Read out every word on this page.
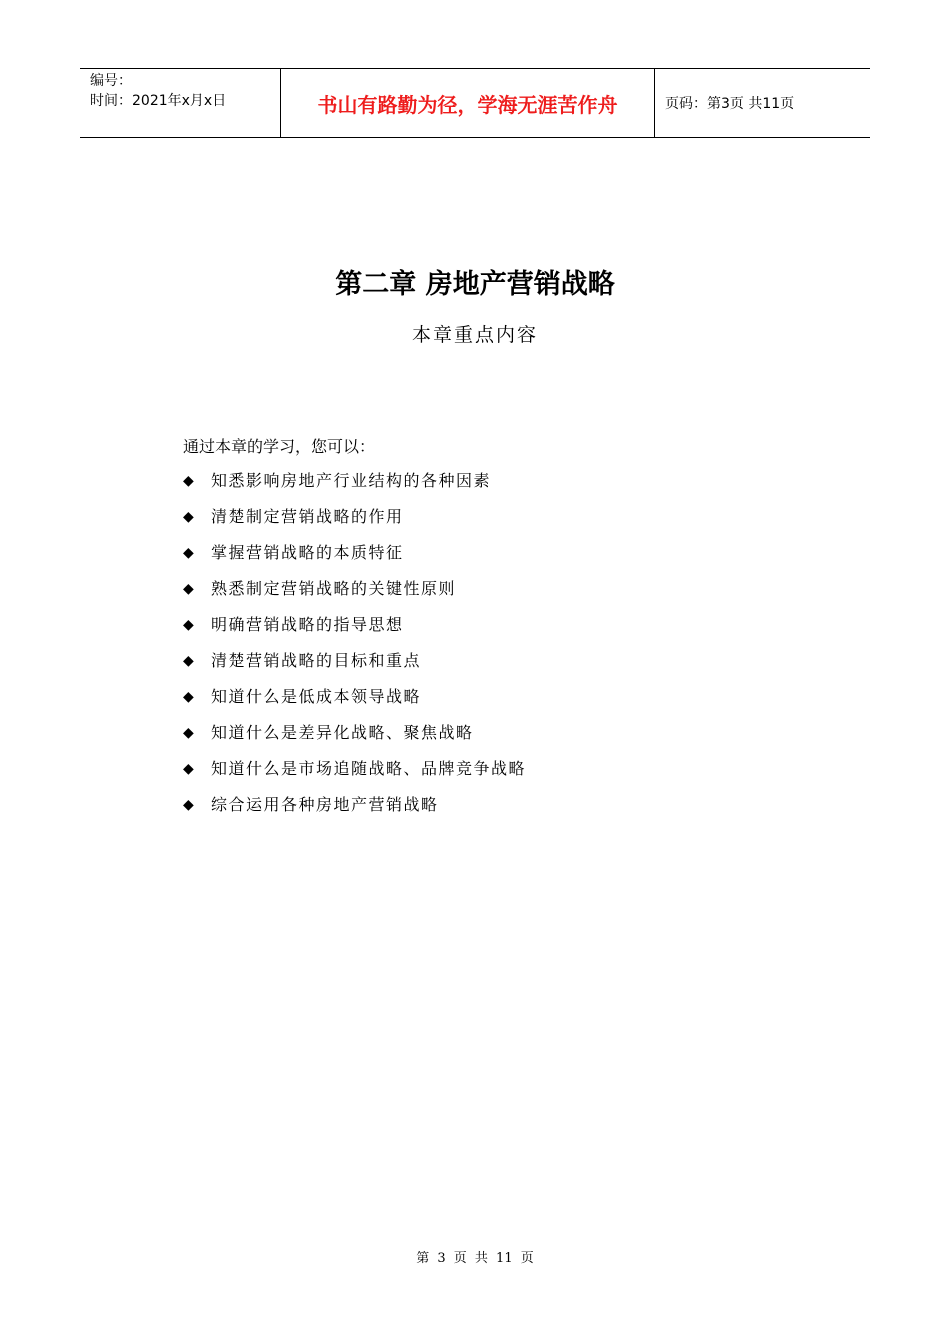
编号：
时间：2021年x月x日	书山有路勤为径，学海无涯苦作舟	页码：第3页 共11页
第二章 房地产营销战略
本章重点内容
通过本章的学习，您可以：
◆	知悉影响房地产行业结构的各种因素
◆	清楚制定营销战略的作用
◆	掌握营销战略的本质特征
◆	熟悉制定营销战略的关键性原则
◆	明确营销战略的指导思想
◆	清楚营销战略的目标和重点
◆	知道什么是低成本领导战略
◆	知道什么是差异化战略、聚焦战略
◆	知道什么是市场追随战略、品牌竞争战略
◆	综合运用各种房地产营销战略
第 3 页 共 11 页
